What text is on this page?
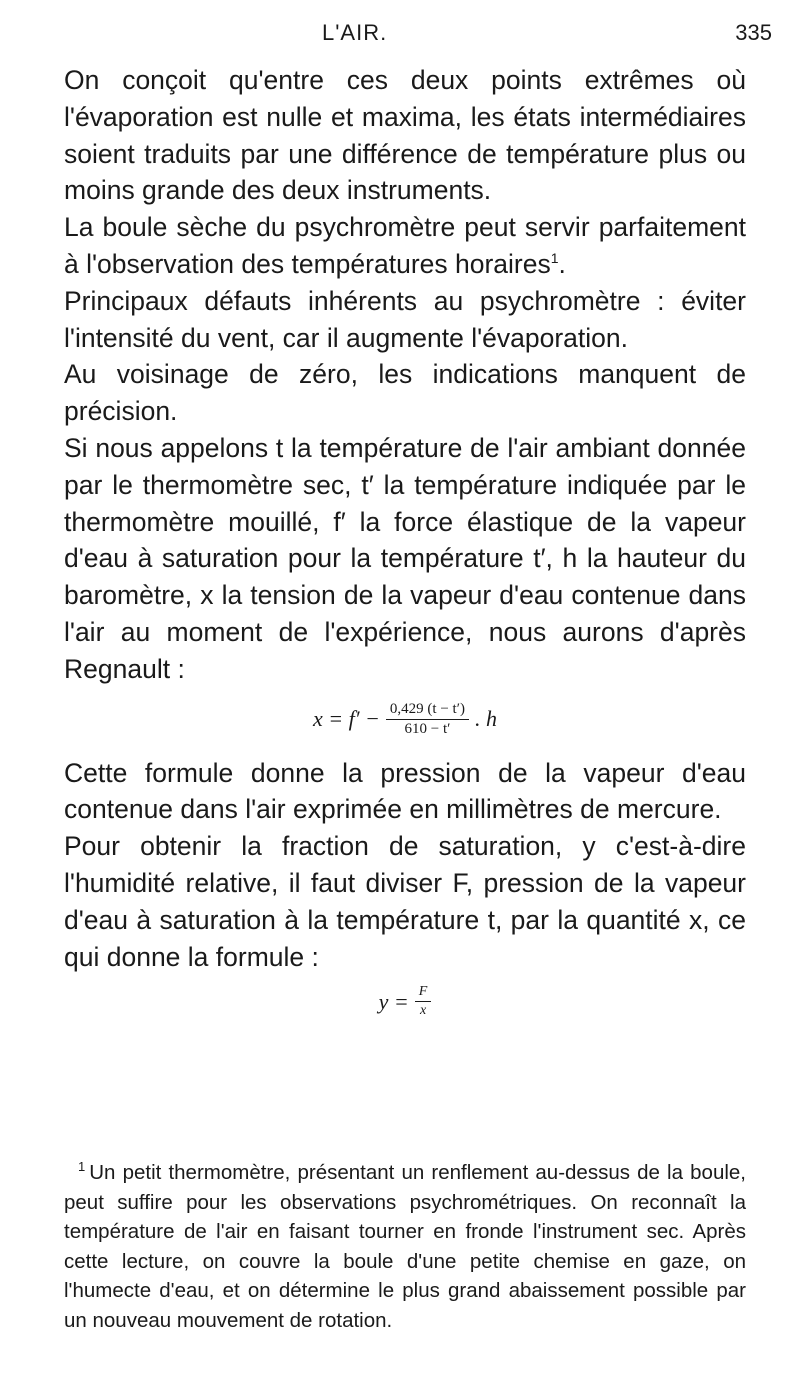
L'AIR.	335

On conçoit qu'entre ces deux points extrêmes où l'évaporation est nulle et maxima, les états intermédiaires soient traduits par une différence de température plus ou moins grande des deux instruments.

La boule sèche du psychromètre peut servir parfaitement à l'observation des températures horaires$^1$.

Principaux défauts inhérents au psychromètre : éviter l'intensité du vent, car il augmente l'évaporation.

Au voisinage de zéro, les indications manquent de précision.

Si nous appelons t la température de l'air ambiant donnée par le thermomètre sec, t′ la température indiquée par le thermomètre mouillé, f′ la force élastique de la vapeur d'eau à saturation pour la température t′, h la hauteur du baromètre, x la tension de la vapeur d'eau contenue dans l'air au moment de l'expérience, nous aurons d'après Regnault :

$x = f' - \frac{0,429 (t - t')}{610 - t'}$ . h

Cette formule donne la pression de la vapeur d'eau contenue dans l'air exprimée en millimètres de mercure.

Pour obtenir la fraction de saturation, y c'est-à-dire l'humidité relative, il faut diviser F, pression de la vapeur d'eau à saturation à la température t, par la quantité x, ce qui donne la formule :

$y = \frac{F}{x}$
$^1$ Un petit thermomètre, présentant un renflement au-dessus de la boule, peut suffire pour les observations psychrométriques. On reconnaît la température de l'air en faisant tourner en fronde l'instrument sec. Après cette lecture, on couvre la boule d'une petite chemise en gaze, on l'humecte d'eau, et on détermine le plus grand abaissement possible par un nouveau mouvement de rotation.
